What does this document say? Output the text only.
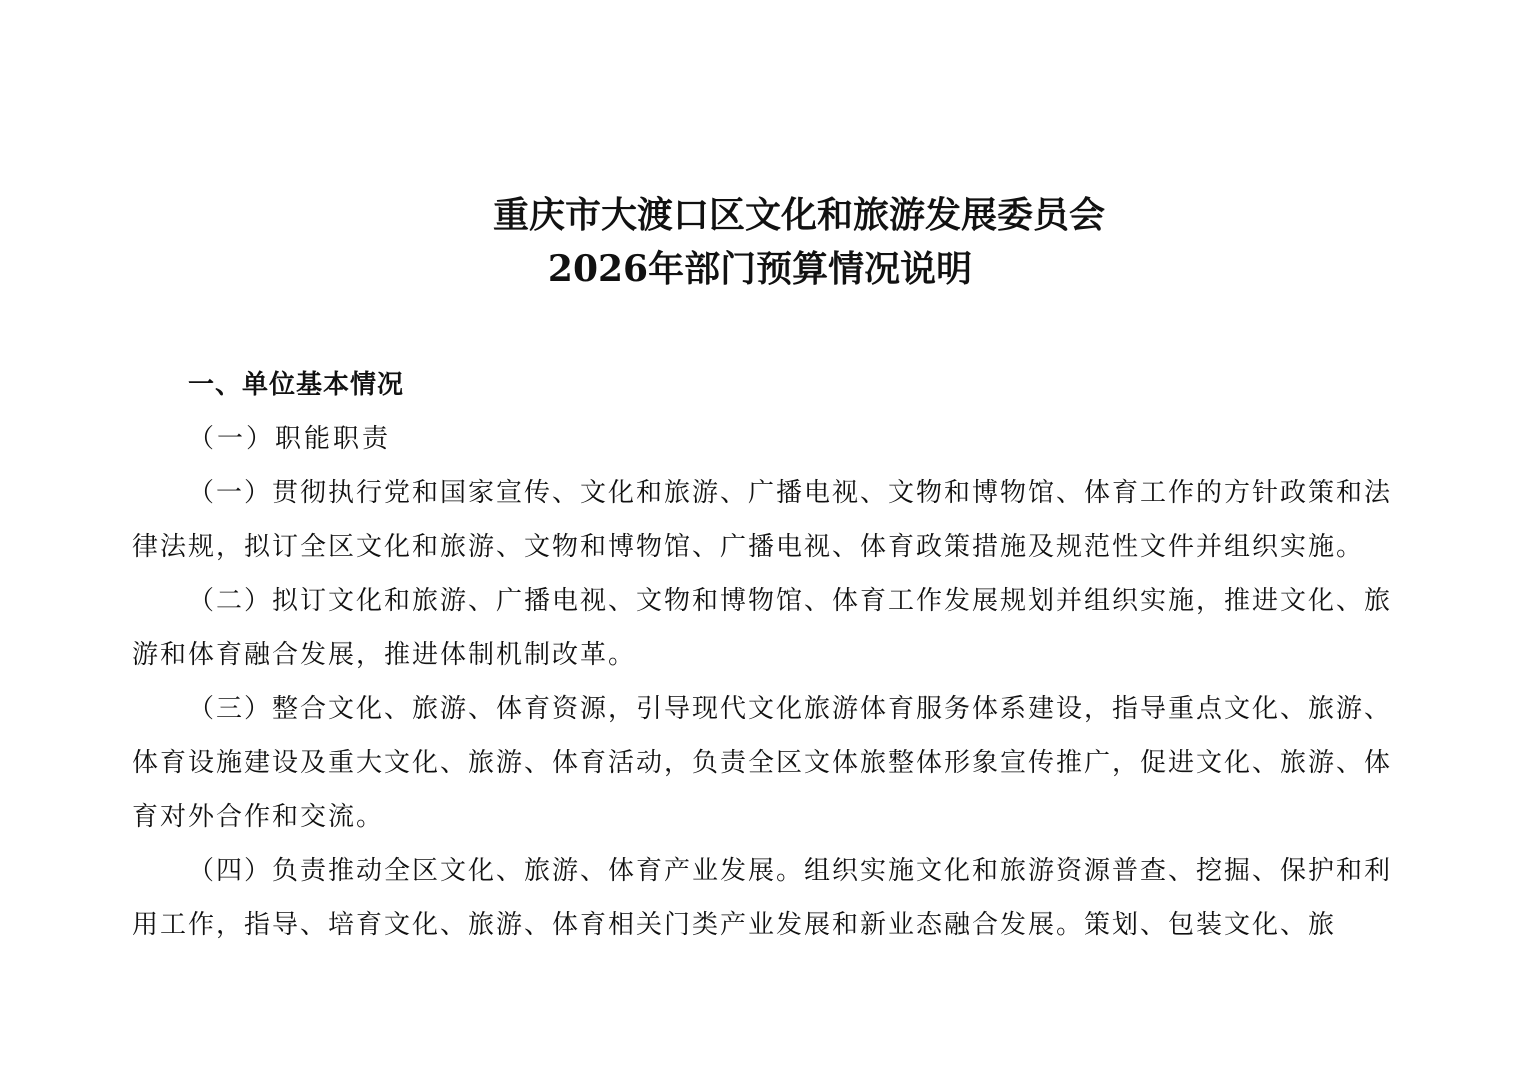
重庆市大渡口区文化和旅游发展委员会
2026年部门预算情况说明

一、单位基本情况

（一）职能职责

（一）贯彻执行党和国家宣传、文化和旅游、广播电视、文物和博物馆、体育工作的方针政策和法律法规，拟订全区文化和旅游、文物和博物馆、广播电视、体育政策措施及规范性文件并组织实施。

（二）拟订文化和旅游、广播电视、文物和博物馆、体育工作发展规划并组织实施，推进文化、旅游和体育融合发展，推进体制机制改革。

（三）整合文化、旅游、体育资源，引导现代文化旅游体育服务体系建设，指导重点文化、旅游、体育设施建设及重大文化、旅游、体育活动，负责全区文体旅整体形象宣传推广，促进文化、旅游、体育对外合作和交流。

（四）负责推动全区文化、旅游、体育产业发展。组织实施文化和旅游资源普查、挖掘、保护和利用工作，指导、培育文化、旅游、体育相关门类产业发展和新业态融合发展。策划、包装文化、旅
